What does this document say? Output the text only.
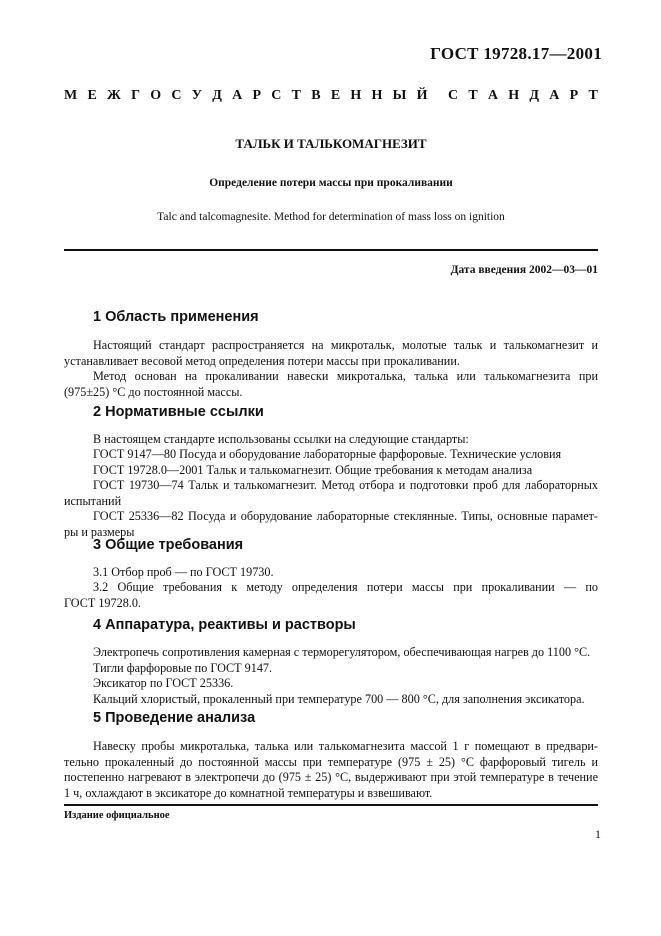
ГОСТ 19728.17—2001
М Е Ж Г О С У Д А Р С Т В Е Н Н Ы Й С Т А Н Д А Р Т
ТАЛЬК И ТАЛЬКОМАГНЕЗИТ
Определение потери массы при прокаливании
Talc and talcomagnesite. Method for determination of mass loss on ignition
Дата введения 2002—03—01
1 Область применения
Настоящий стандарт распространяется на микротальк, молотые тальк и талькомагнезит и
устанавливает весовой метод определения потери массы при прокаливании.
Метод основан на прокаливании навески микроталька, талька или талькомагнезита при
(975±25) °С до постоянной массы.
2 Нормативные ссылки
В настоящем стандарте использованы ссылки на следующие стандарты:
ГОСТ 9147—80 Посуда и оборудование лабораторные фарфоровые. Технические условия
ГОСТ 19728.0—2001 Тальк и талькомагнезит. Общие требования к методам анализа
ГОСТ 19730—74 Тальк и талькомагнезит. Метод отбора и подготовки проб для лабораторных
испытаний
ГОСТ 25336—82 Посуда и оборудование лабораторные стеклянные. Типы, основные парамет-
ры и размеры
3 Общие требования
3.1 Отбор проб — по ГОСТ 19730.
3.2 Общие требования к методу определения потери массы при прокаливании — по
ГОСТ 19728.0.
4 Аппаратура, реактивы и растворы
Электропечь сопротивления камерная с терморегулятором, обеспечивающая нагрев до 1100 °С.
Тигли фарфоровые по ГОСТ 9147.
Эксикатор по ГОСТ 25336.
Кальций хлористый, прокаленный при температуре 700 — 800 °С, для заполнения эксикатора.
5 Проведение анализа
Навеску пробы микроталька, талька или талькомагнезита массой 1 г помещают в предвари-
тельно прокаленный до постоянной массы при температуре (975 ± 25) °С фарфоровый тигель и
постепенно нагревают в электропечи до (975 ± 25) °С, выдерживают при этой температуре в течение
1 ч, охлаждают в эксикаторе до комнатной температуры и взвешивают.
Издание официальное
1
